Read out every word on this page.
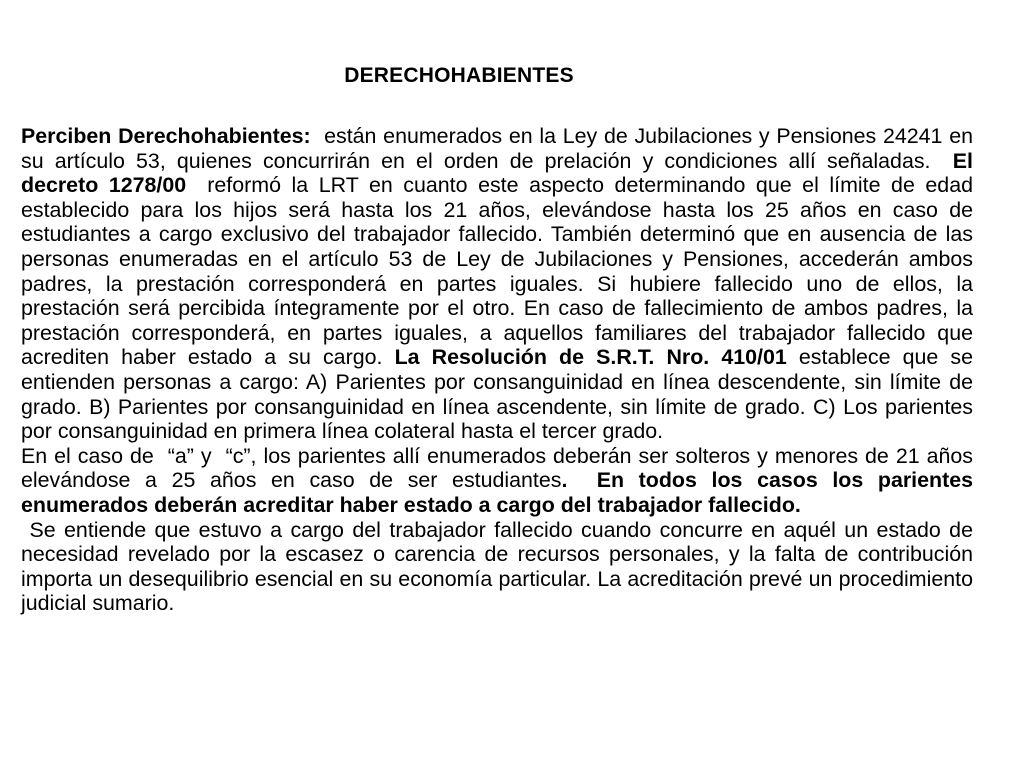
DERECHOHABIENTES

Perciben Derechohabientes:  están enumerados en la Ley de Jubilaciones y Pensiones 24241 en su artículo 53, quienes concurrirán en el orden de prelación y condiciones allí señaladas.  El decreto 1278/00  reformó la LRT en cuanto este aspecto determinando que el límite de edad establecido para los hijos será hasta los 21 años, elevándose hasta los 25 años en caso de estudiantes a cargo exclusivo del trabajador fallecido. También determinó que en ausencia de las personas enumeradas en el artículo 53 de Ley de Jubilaciones y Pensiones, accederán ambos padres, la prestación corresponderá en partes iguales. Si hubiere fallecido uno de ellos, la prestación será percibida íntegramente por el otro. En caso de fallecimiento de ambos padres, la prestación corresponderá, en partes iguales, a aquellos familiares del trabajador fallecido que acrediten haber estado a su cargo. La Resolución de S.R.T. Nro. 410/01 establece que se entienden personas a cargo: A) Parientes por consanguinidad en línea descendente, sin límite de grado. B) Parientes por consanguinidad en línea ascendente, sin límite de grado. C) Los parientes por consanguinidad en primera línea colateral hasta el tercer grado.

En el caso de  “a” y  “c”, los parientes allí enumerados deberán ser solteros y menores de 21 años elevándose a 25 años en caso de ser estudiantes.  En todos los casos los parientes enumerados deberán acreditar haber estado a cargo del trabajador fallecido.

Se entiende que estuvo a cargo del trabajador fallecido cuando concurre en aquél un estado de necesidad revelado por la escasez o carencia de recursos personales, y la falta de contribución importa un desequilibrio esencial en su economía particular. La acreditación prevé un procedimiento judicial sumario.
